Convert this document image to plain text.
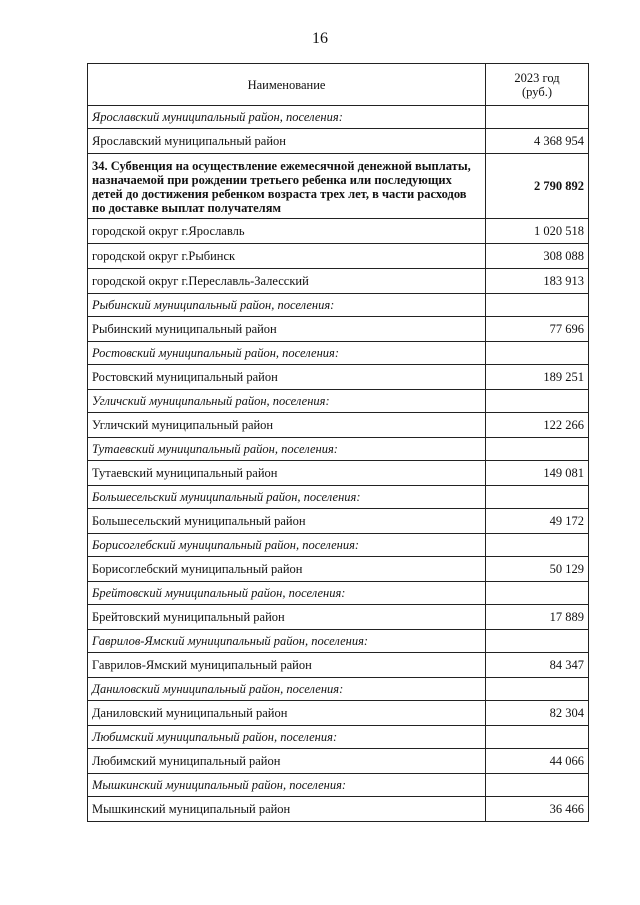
16
Наименование	2023 год
(руб.)
Ярославский муниципальный район, поселения:	
Ярославский муниципальный район	4 368 954
34. Субвенция на осуществление ежемесячной денежной выплаты, назначаемой при рождении третьего ребенка или последующих детей до достижения ребенком возраста трех лет, в части расходов по доставке выплат получателям	2 790 892
городской округ г.Ярославль	1 020 518
городской округ г.Рыбинск	308 088
городской округ г.Переславль-Залесский	183 913
Рыбинский муниципальный район, поселения:	
Рыбинский муниципальный район	77 696
Ростовский муниципальный район, поселения:	
Ростовский муниципальный район	189 251
Угличский муниципальный район, поселения:	
Угличский муниципальный район	122 266
Тутаевский муниципальный район, поселения:	
Тутаевский муниципальный район	149 081
Большесельский муниципальный район, поселения:	
Большесельский муниципальный район	49 172
Борисоглебский муниципальный район, поселения:	
Борисоглебский муниципальный район	50 129
Брейтовский муниципальный район, поселения:	
Брейтовский муниципальный район	17 889
Гаврилов-Ямский муниципальный район, поселения:	
Гаврилов-Ямский муниципальный район	84 347
Даниловский муниципальный район, поселения:	
Даниловский муниципальный район	82 304
Любимский муниципальный район, поселения:	
Любимский муниципальный район	44 066
Мышкинский муниципальный район, поселения:	
Мышкинский муниципальный район	36 466
